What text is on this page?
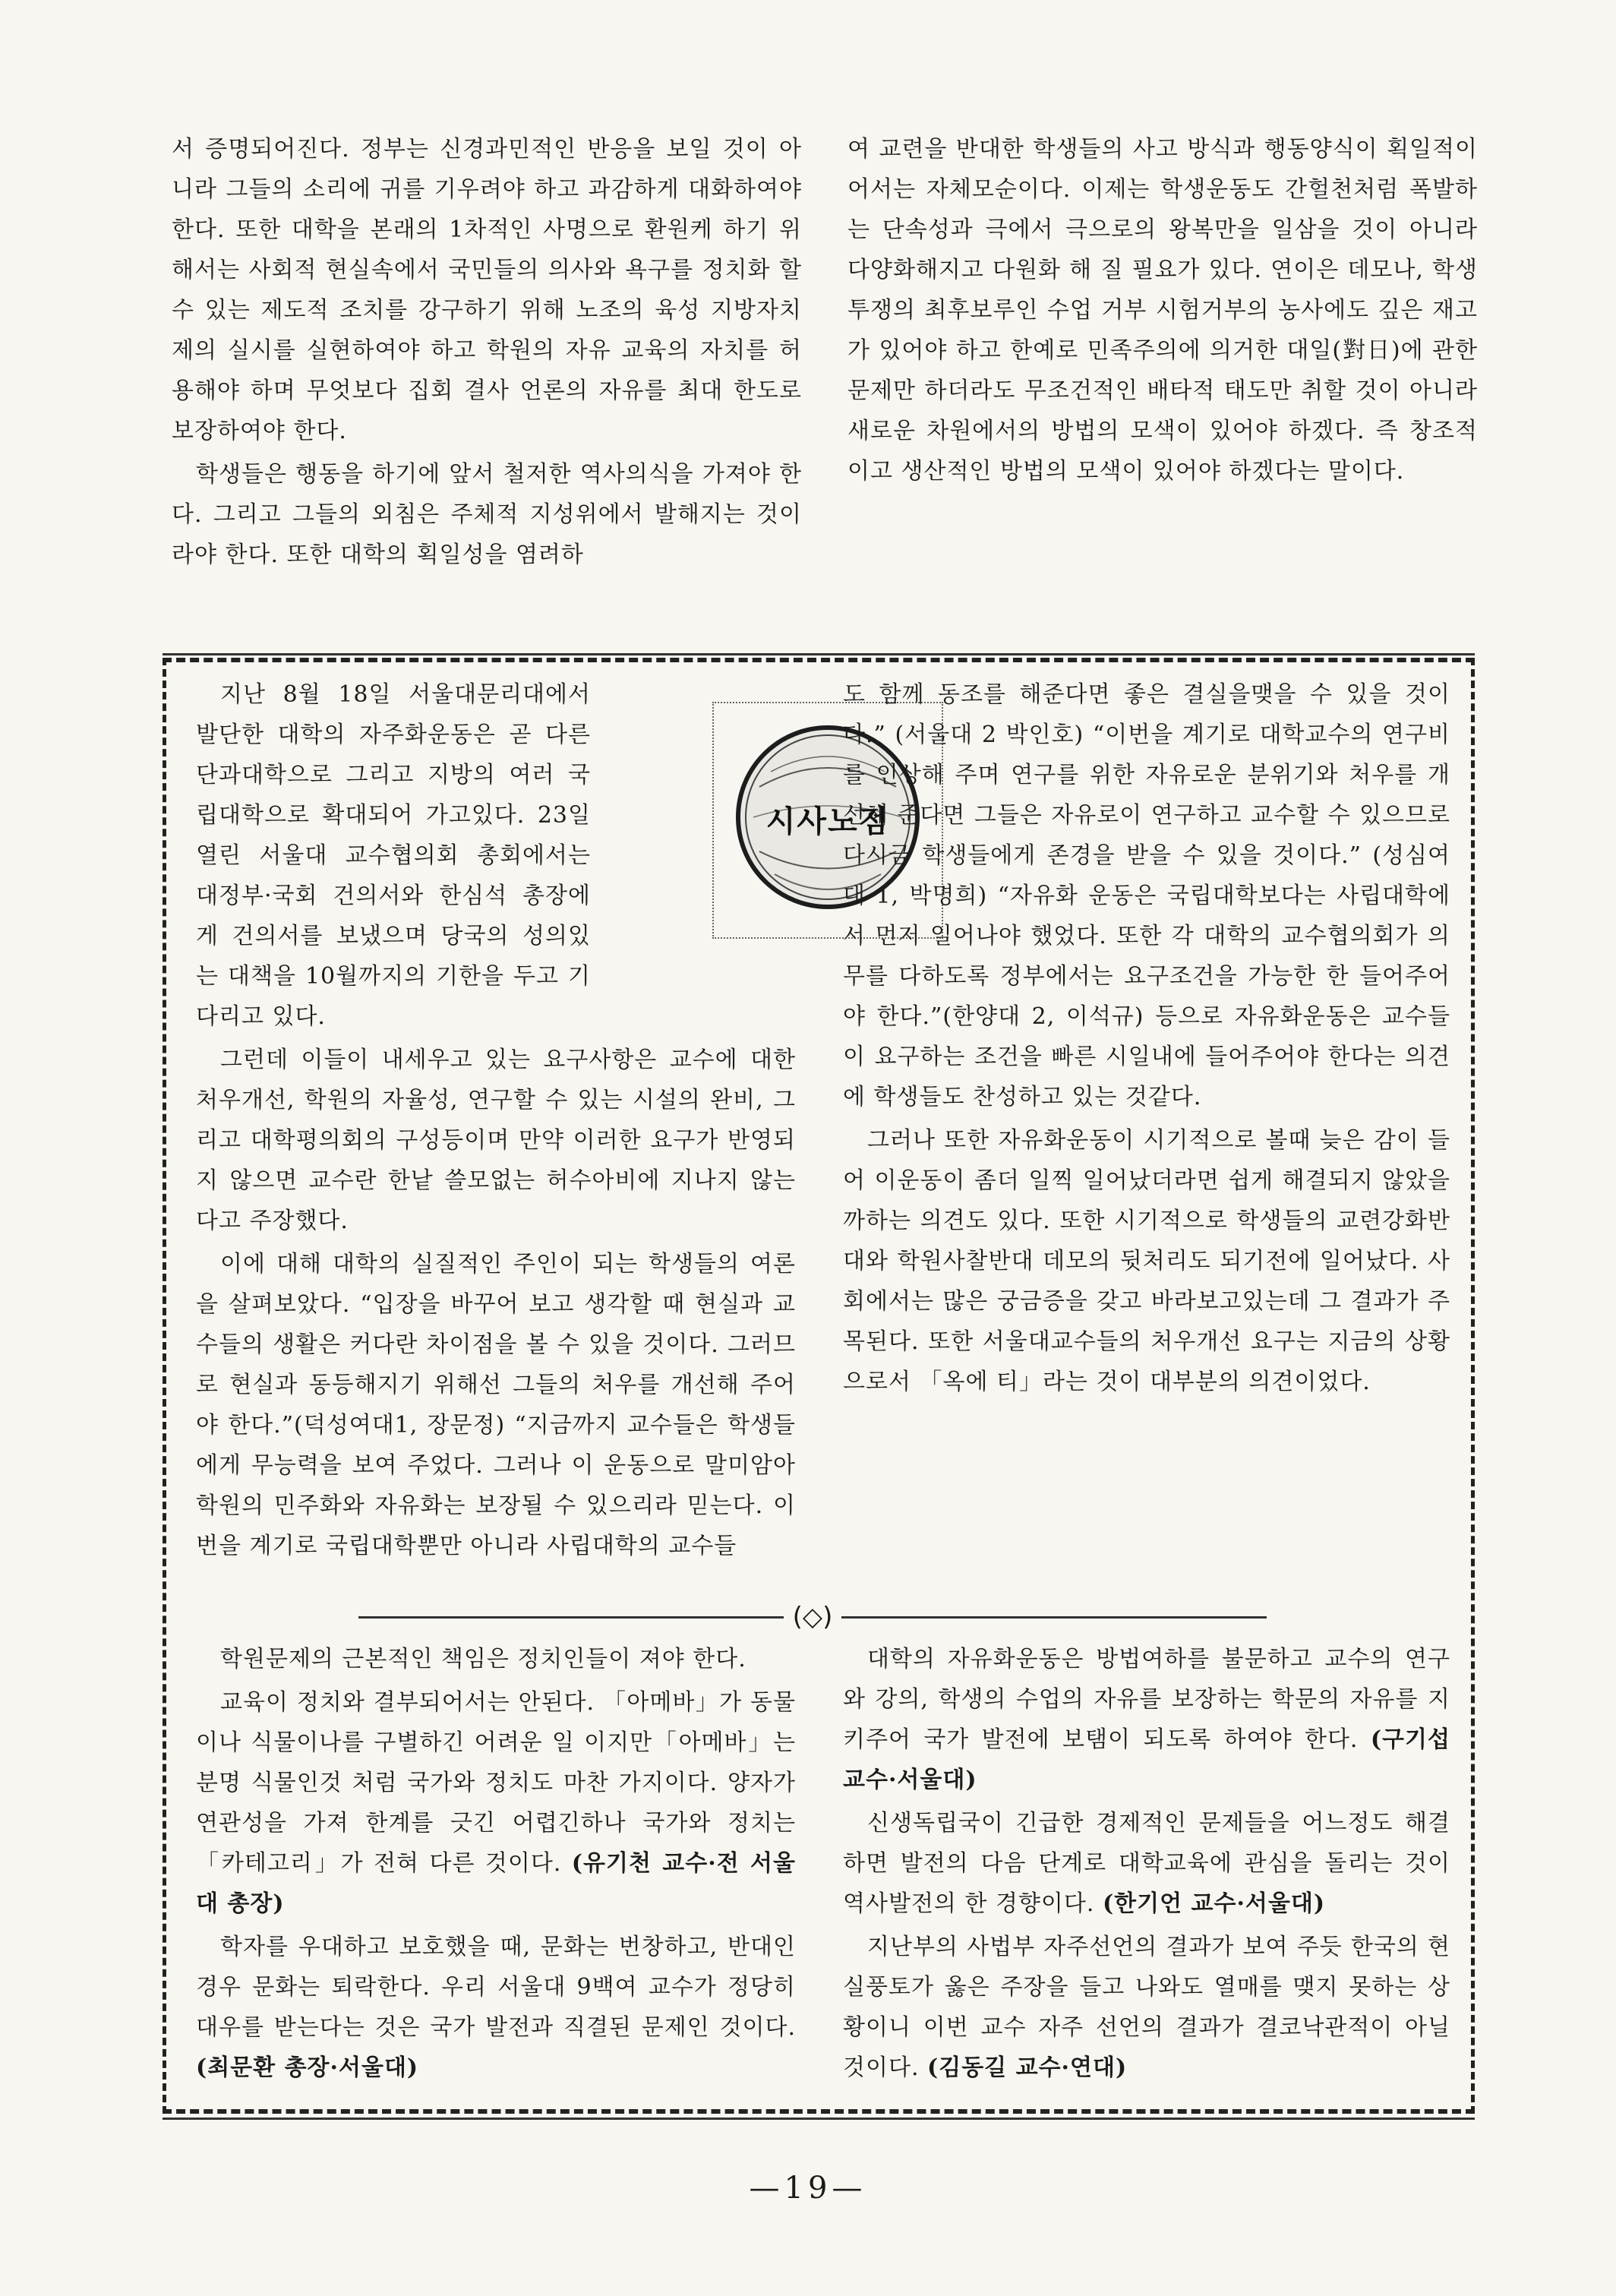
서 증명되어진다. 정부는 신경과민적인 반응을 보일 것이 아니라 그들의 소리에 귀를 기우려야 하고 과감하게 대화하여야 한다. 또한 대학을 본래의 1차적인 사명으로 환원케 하기 위해서는 사회적 현실속에서 국민들의 의사와 욕구를 정치화 할 수 있는 제도적 조치를 강구하기 위해 노조의 육성 지방자치제의 실시를 실현하여야 하고 학원의 자유 교육의 자치를 허용해야 하며 무엇보다 집회 결사 언론의 자유를 최대 한도로 보장하여야 한다.

학생들은 행동을 하기에 앞서 철저한 역사의식을 가져야 한다. 그리고 그들의 외침은 주체적 지성위에서 발해지는 것이라야 한다. 또한 대학의 획일성을 염려하

여 교련을 반대한 학생들의 사고 방식과 행동양식이 획일적이어서는 자체모순이다. 이제는 학생운동도 간헐천처럼 폭발하는 단속성과 극에서 극으로의 왕복만을 일삼을 것이 아니라 다양화해지고 다원화 해 질 필요가 있다. 연이은 데모나, 학생투쟁의 최후보루인 수업 거부 시험거부의 농사에도 깊은 재고가 있어야 하고 한예로 민족주의에 의거한 대일(對日)에 관한 문제만 하더라도 무조건적인 배타적 태도만 취할 것이 아니라 새로운 차원에서의 방법의 모색이 있어야 하겠다. 즉 창조적이고 생산적인 방법의 모색이 있어야 하겠다는 말이다.

시사노점

지난 8월 18일 서울대문리대에서 발단한 대학의 자주화운동은 곧 다른 단과대학으로 그리고 지방의 여러 국립대학으로 확대되어 가고있다. 23일 열린 서울대 교수협의회 총회에서는 대정부·국회 건의서와 한심석 총장에게 건의서를 보냈으며 당국의 성의있는 대책을 10월까지의 기한을 두고 기다리고 있다.

그런데 이들이 내세우고 있는 요구사항은 교수에 대한 처우개선, 학원의 자율성, 연구할 수 있는 시설의 완비, 그리고 대학평의회의 구성등이며 만약 이러한 요구가 반영되지 않으면 교수란 한낱 쓸모없는 허수아비에 지나지 않는다고 주장했다.

이에 대해 대학의 실질적인 주인이 되는 학생들의 여론을 살펴보았다. “입장을 바꾸어 보고 생각할 때 현실과 교수들의 생활은 커다란 차이점을 볼 수 있을 것이다. 그러므로 현실과 동등해지기 위해선 그들의 처우를 개선해 주어야 한다.”(덕성여대1, 장문정) “지금까지 교수들은 학생들에게 무능력을 보여 주었다. 그러나 이 운동으로 말미암아 학원의 민주화와 자유화는 보장될 수 있으리라 믿는다. 이번을 계기로 국립대학뿐만 아니라 사립대학의 교수들

도 함께 동조를 해준다면 좋은 결실을맺을 수 있을 것이다.” (서울대 2 박인호) “이번을 계기로 대학교수의 연구비를 인상해 주며 연구를 위한 자유로운 분위기와 처우를 개선해 준다면 그들은 자유로이 연구하고 교수할 수 있으므로 다시금 학생들에게 존경을 받을 수 있을 것이다.” (성심여대 1, 박명희) “자유화 운동은 국립대학보다는 사립대학에서 먼저 일어나야 했었다. 또한 각 대학의 교수협의회가 의무를 다하도록 정부에서는 요구조건을 가능한 한 들어주어야 한다.”(한양대 2, 이석규) 등으로 자유화운동은 교수들이 요구하는 조건을 빠른 시일내에 들어주어야 한다는 의견에 학생들도 찬성하고 있는 것같다.

그러나 또한 자유화운동이 시기적으로 볼때 늦은 감이 들어 이운동이 좀더 일찍 일어났더라면 쉽게 해결되지 않았을까하는 의견도 있다. 또한 시기적으로 학생들의 교련강화반대와 학원사찰반대 데모의 뒷처리도 되기전에 일어났다. 사회에서는 많은 궁금증을 갖고 바라보고있는데 그 결과가 주목된다. 또한 서울대교수들의 처우개선 요구는 지금의 상황으로서 「옥에 티」라는 것이 대부분의 의견이었다.

(◇)

학원문제의 근본적인 책임은 정치인들이 져야 한다.

교육이 정치와 결부되어서는 안된다. 「아메바」가 동물이나 식물이나를 구별하긴 어려운 일 이지만「아메바」는 분명 식물인것 처럼 국가와 정치도 마찬 가지이다. 양자가 연관성을 가져 한계를 긋긴 어렵긴하나 국가와 정치는 「카테고리」가 전혀 다른 것이다. (유기천 교수·전 서울대 총장)

학자를 우대하고 보호했을 때, 문화는 번창하고, 반대인 경우 문화는 퇴락한다. 우리 서울대 9백여 교수가 정당히 대우를 받는다는 것은 국가 발전과 직결된 문제인 것이다. (최문환 총장·서울대)

대학의 자유화운동은 방법여하를 불문하고 교수의 연구와 강의, 학생의 수업의 자유를 보장하는 학문의 자유를 지키주어 국가 발전에 보탬이 되도록 하여야 한다. (구기섭 교수·서울대)

신생독립국이 긴급한 경제적인 문제들을 어느정도 해결하면 발전의 다음 단계로 대학교육에 관심을 돌리는 것이 역사발전의 한 경향이다. (한기언 교수·서울대)

지난부의 사법부 자주선언의 결과가 보여 주듯 한국의 현실풍토가 옳은 주장을 들고 나와도 열매를 맺지 못하는 상황이니 이번 교수 자주 선언의 결과가 결코낙관적이 아닐 것이다. (김동길 교수·연대)

—19—
